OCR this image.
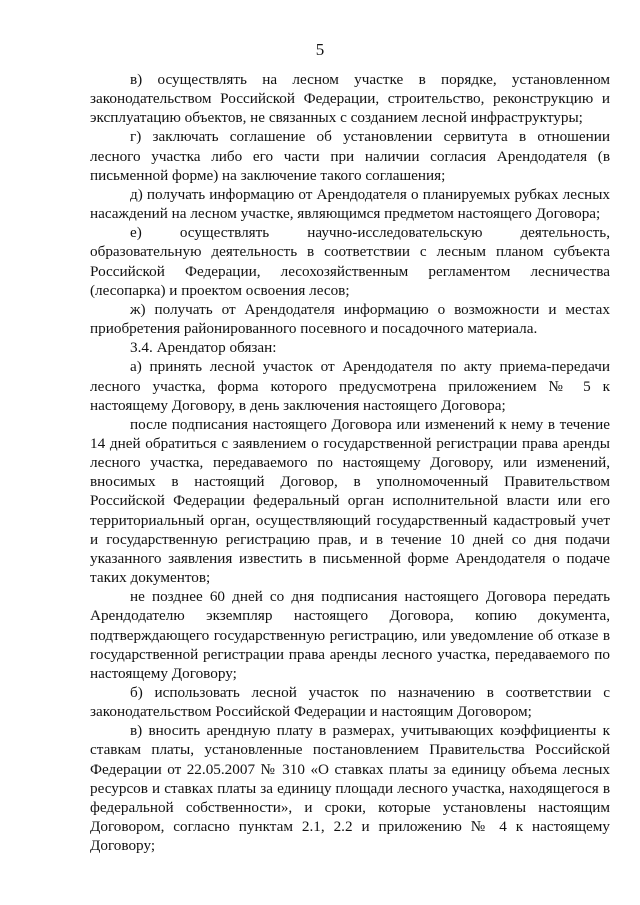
5

в) осуществлять на лесном участке в порядке, установленном законодательством Российской Федерации, строительство, реконструкцию и эксплуатацию объектов, не связанных с созданием лесной инфраструктуры;

г) заключать соглашение об установлении сервитута в отношении лесного участка либо его части при наличии согласия Арендодателя (в письменной форме) на заключение такого соглашения;

д) получать информацию от Арендодателя о планируемых рубках лесных насаждений на лесном участке, являющимся предметом настоящего Договора;

е) осуществлять научно-исследовательскую деятельность, образовательную деятельность в соответствии с лесным планом субъекта Российской Федерации, лесохозяйственным регламентом лесничества (лесопарка) и проектом освоения лесов;

ж) получать от Арендодателя информацию о возможности и местах приобретения районированного посевного и посадочного материала.

3.4. Арендатор обязан:

а) принять лесной участок от Арендодателя по акту приема-передачи лесного участка, форма которого предусмотрена приложением № 5 к настоящему Договору, в день заключения настоящего Договора;

после подписания настоящего Договора или изменений к нему в течение 14 дней обратиться с заявлением о государственной регистрации права аренды лесного участка, передаваемого по настоящему Договору, или изменений, вносимых в настоящий Договор, в уполномоченный Правительством Российской Федерации федеральный орган исполнительной власти или его территориальный орган, осуществляющий государственный кадастровый учет и государственную регистрацию прав, и в течение 10 дней со дня подачи указанного заявления известить в письменной форме Арендодателя о подаче таких документов;

не позднее 60 дней со дня подписания настоящего Договора передать Арендодателю экземпляр настоящего Договора, копию документа, подтверждающего государственную регистрацию, или уведомление об отказе в государственной регистрации права аренды лесного участка, передаваемого по настоящему Договору;

б) использовать лесной участок по назначению в соответствии с законодательством Российской Федерации и настоящим Договором;

в) вносить арендную плату в размерах, учитывающих коэффициенты к ставкам платы, установленные постановлением Правительства Российской Федерации от 22.05.2007 № 310 «О ставках платы за единицу объема лесных ресурсов и ставках платы за единицу площади лесного участка, находящегося в федеральной собственности», и сроки, которые установлены настоящим Договором, согласно пунктам 2.1, 2.2 и приложению № 4 к настоящему Договору;
